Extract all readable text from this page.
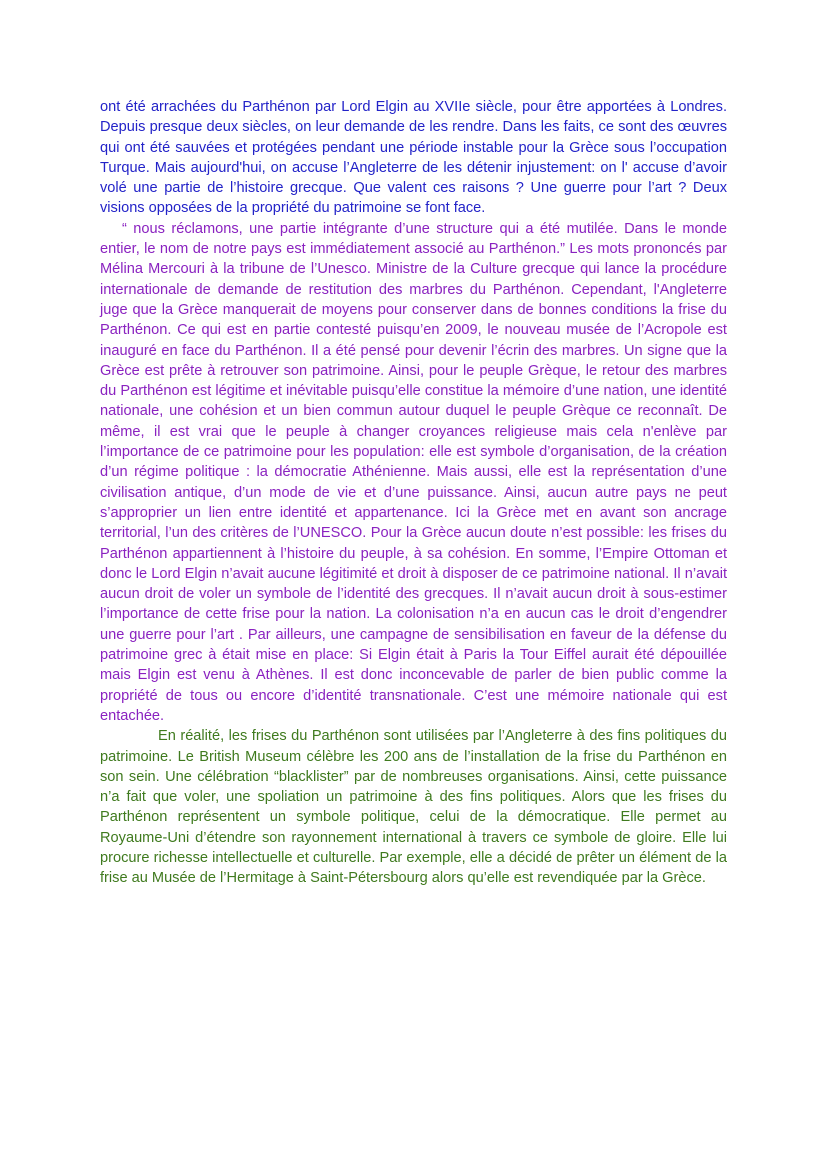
ont été arrachées du Parthénon par Lord Elgin au XVIIe siècle, pour être apportées à Londres. Depuis presque deux siècles, on leur demande de les rendre. Dans les faits, ce sont des œuvres qui ont été sauvées et protégées pendant une période instable pour la Grèce sous l’occupation Turque. Mais aujourd'hui, on accuse l’Angleterre de les détenir injustement: on l' accuse d’avoir volé une partie de l’histoire grecque. Que valent ces raisons ? Une guerre pour l’art ? Deux visions opposées de la propriété du patrimoine se font face.

“ nous réclamons, une partie intégrante d’une structure qui a été mutilée. Dans le monde entier, le nom de notre pays est immédiatement associé au Parthénon.” Les mots prononcés par Mélina Mercouri à la tribune de l’Unesco. Ministre de la Culture grecque qui lance la procédure internationale de demande de restitution des marbres du Parthénon. Cependant, l'Angleterre juge que la Grèce manquerait de moyens pour conserver dans de bonnes conditions la frise du Parthénon. Ce qui est en partie contesté puisqu’en 2009, le nouveau musée de l’Acropole est inauguré en face du Parthénon. Il a été pensé pour devenir l’écrin des marbres. Un signe que la Grèce est prête à retrouver son patrimoine. Ainsi, pour le peuple Grèque, le retour des marbres du Parthénon est légitime et inévitable puisqu’elle constitue la mémoire d’une nation, une identité nationale, une cohésion et un bien commun autour duquel le peuple Grèque ce reconnaît. De même, il est vrai que le peuple à changer croyances religieuse mais cela n'enlève par l’importance de ce patrimoine pour les population: elle est symbole d’organisation, de la création d’un régime politique : la démocratie Athénienne. Mais aussi, elle est la représentation d’une civilisation antique, d’un mode de vie et d’une puissance. Ainsi, aucun autre pays ne peut s’approprier un lien entre identité et appartenance. Ici la Grèce met en avant son ancrage territorial, l’un des critères de l’UNESCO. Pour la Grèce aucun doute n’est possible: les frises du Parthénon appartiennent à l’histoire du peuple, à sa cohésion. En somme, l’Empire Ottoman et donc le Lord Elgin n’avait aucune légitimité et droit à disposer de ce patrimoine national. Il n’avait aucun droit de voler un symbole de l’identité des grecques. Il n’avait aucun droit à sous-estimer l’importance de cette frise pour la nation. La colonisation n’a en aucun cas le droit d’engendrer une guerre pour l’art . Par ailleurs, une campagne de sensibilisation en faveur de la défense du patrimoine grec à était mise en place: Si Elgin était à Paris la Tour Eiffel aurait été dépouillée mais Elgin est venu à Athènes. Il est donc inconcevable de parler de bien public comme la propriété de tous ou encore d’identité transnationale. C’est une mémoire nationale qui est entachée.

En réalité, les frises du Parthénon sont utilisées par l’Angleterre à des fins politiques du patrimoine. Le British Museum célèbre les 200 ans de l’installation de la frise du Parthénon en son sein. Une célébration “blacklister” par de nombreuses organisations. Ainsi, cette puissance n’a fait que voler, une spoliation un patrimoine à des fins politiques. Alors que les frises du Parthénon représentent un symbole politique, celui de la démocratique. Elle permet au Royaume-Uni d’étendre son rayonnement international à travers ce symbole de gloire. Elle lui procure richesse intellectuelle et culturelle. Par exemple, elle a décidé de prêter un élément de la frise au Musée de l’Hermitage à Saint-Pétersbourg alors qu’elle est revendiquée par la Grèce.
